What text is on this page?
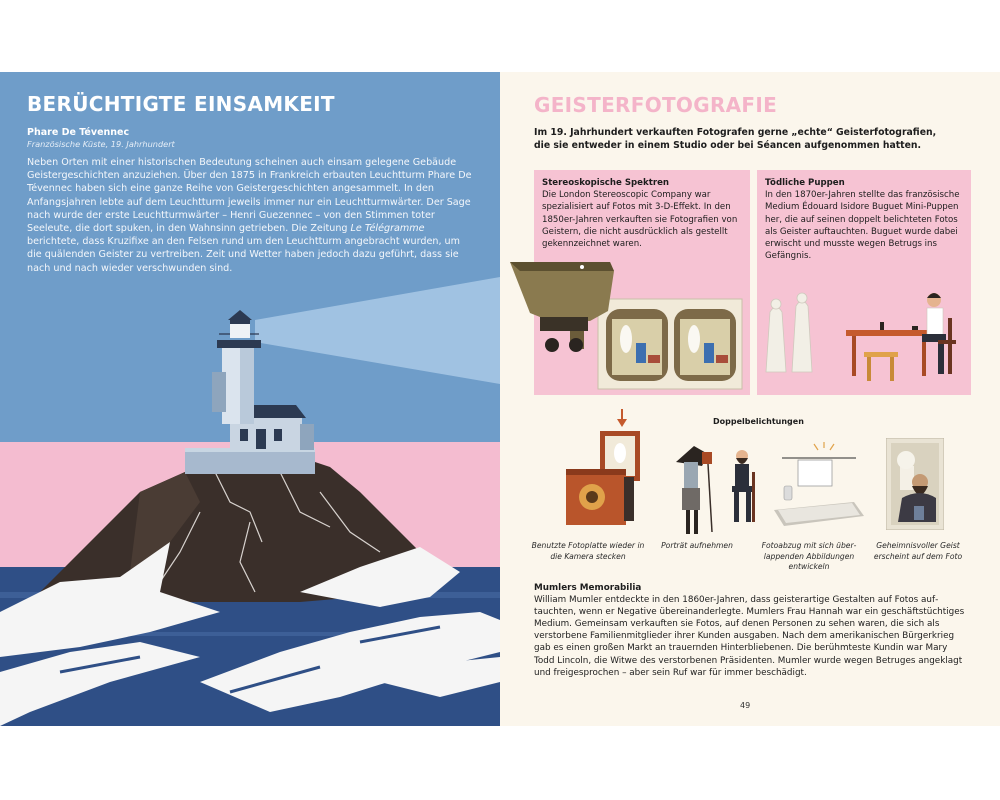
BERÜCHTIGTE EINSAMKEIT
Phare De Tévennec
Französische Küste, 19. Jahrhundert

Neben Orten mit einer historischen Bedeutung scheinen auch einsam gelegene Gebäude Geistergeschichten anzuziehen. Über den 1875 in Frankreich erbauten Leuchtturm Phare De Tévennec haben sich eine ganze Reihe von Geistergeschichten angesammelt. In den Anfangsjahren lebte auf dem Leuchtturm jeweils immer nur ein Leuchtturmwärter. Der Sage nach wurde der erste Leuchtturmwärter – Henri Guezennec – von den Stimmen toter Seeleute, die dort spuken, in den Wahnsinn getrieben. Die Zeitung Le Télégramme berichtete, dass Kruzifixe an den Felsen rund um den Leuchtturm angebracht wurden, um die quälenden Geister zu vertreiben. Zeit und Wetter haben jedoch dazu geführt, dass sie nach und nach wieder verschwunden sind.

GEISTERFOTOGRAFIE
Im 19. Jahrhundert verkauften Fotografen gerne „echte“ Geisterfotografien, die sie entweder in einem Studio oder bei Séancen aufgenommen hatten.
Stereoskopische Spektren
Die London Stereoscopic Company war spezialisiert auf Fotos mit 3-D-Effekt. In den 1850er-Jahren verkauften sie Fotografien von Geistern, die nicht ausdrücklich als gestellt gekennzeichnet waren.
Tödliche Puppen
In den 1870er-Jahren stellte das französische Medium Édouard Isidore Buguet Mini-Puppen her, die auf seinen doppelt belichteten Fotos als Geister auftauchten. Buguet wurde dabei erwischt und musste wegen Betrugs ins Gefängnis.
Doppelbelichtungen
Benutzte Fotoplatte wieder in die Kamera stecken
Porträt aufnehmen	Fotoabzug mit sich überlappenden Abbildungen entwickeln
Geheimnisvoller Geist erscheint auf dem Foto
Mumlers Memorabilia
William Mumler entdeckte in den 1860er-Jahren, dass geisterartige Gestalten auf Fotos auftauchten, wenn er Negative übereinanderlegte. Mumlers Frau Hannah war ein geschäftstüchtiges Medium. Gemeinsam verkauften sie Fotos, auf denen Personen zu sehen waren, die sich als verstorbene Familienmitglieder ihrer Kunden ausgaben. Nach dem amerikanischen Bürgerkrieg gab es einen großen Markt an trauernden Hinterbliebenen. Die berühmteste Kundin war Mary Todd Lincoln, die Witwe des verstorbenen Präsidenten. Mumler wurde wegen Betruges angeklagt und freigesprochen – aber sein Ruf war für immer beschädigt.
49
